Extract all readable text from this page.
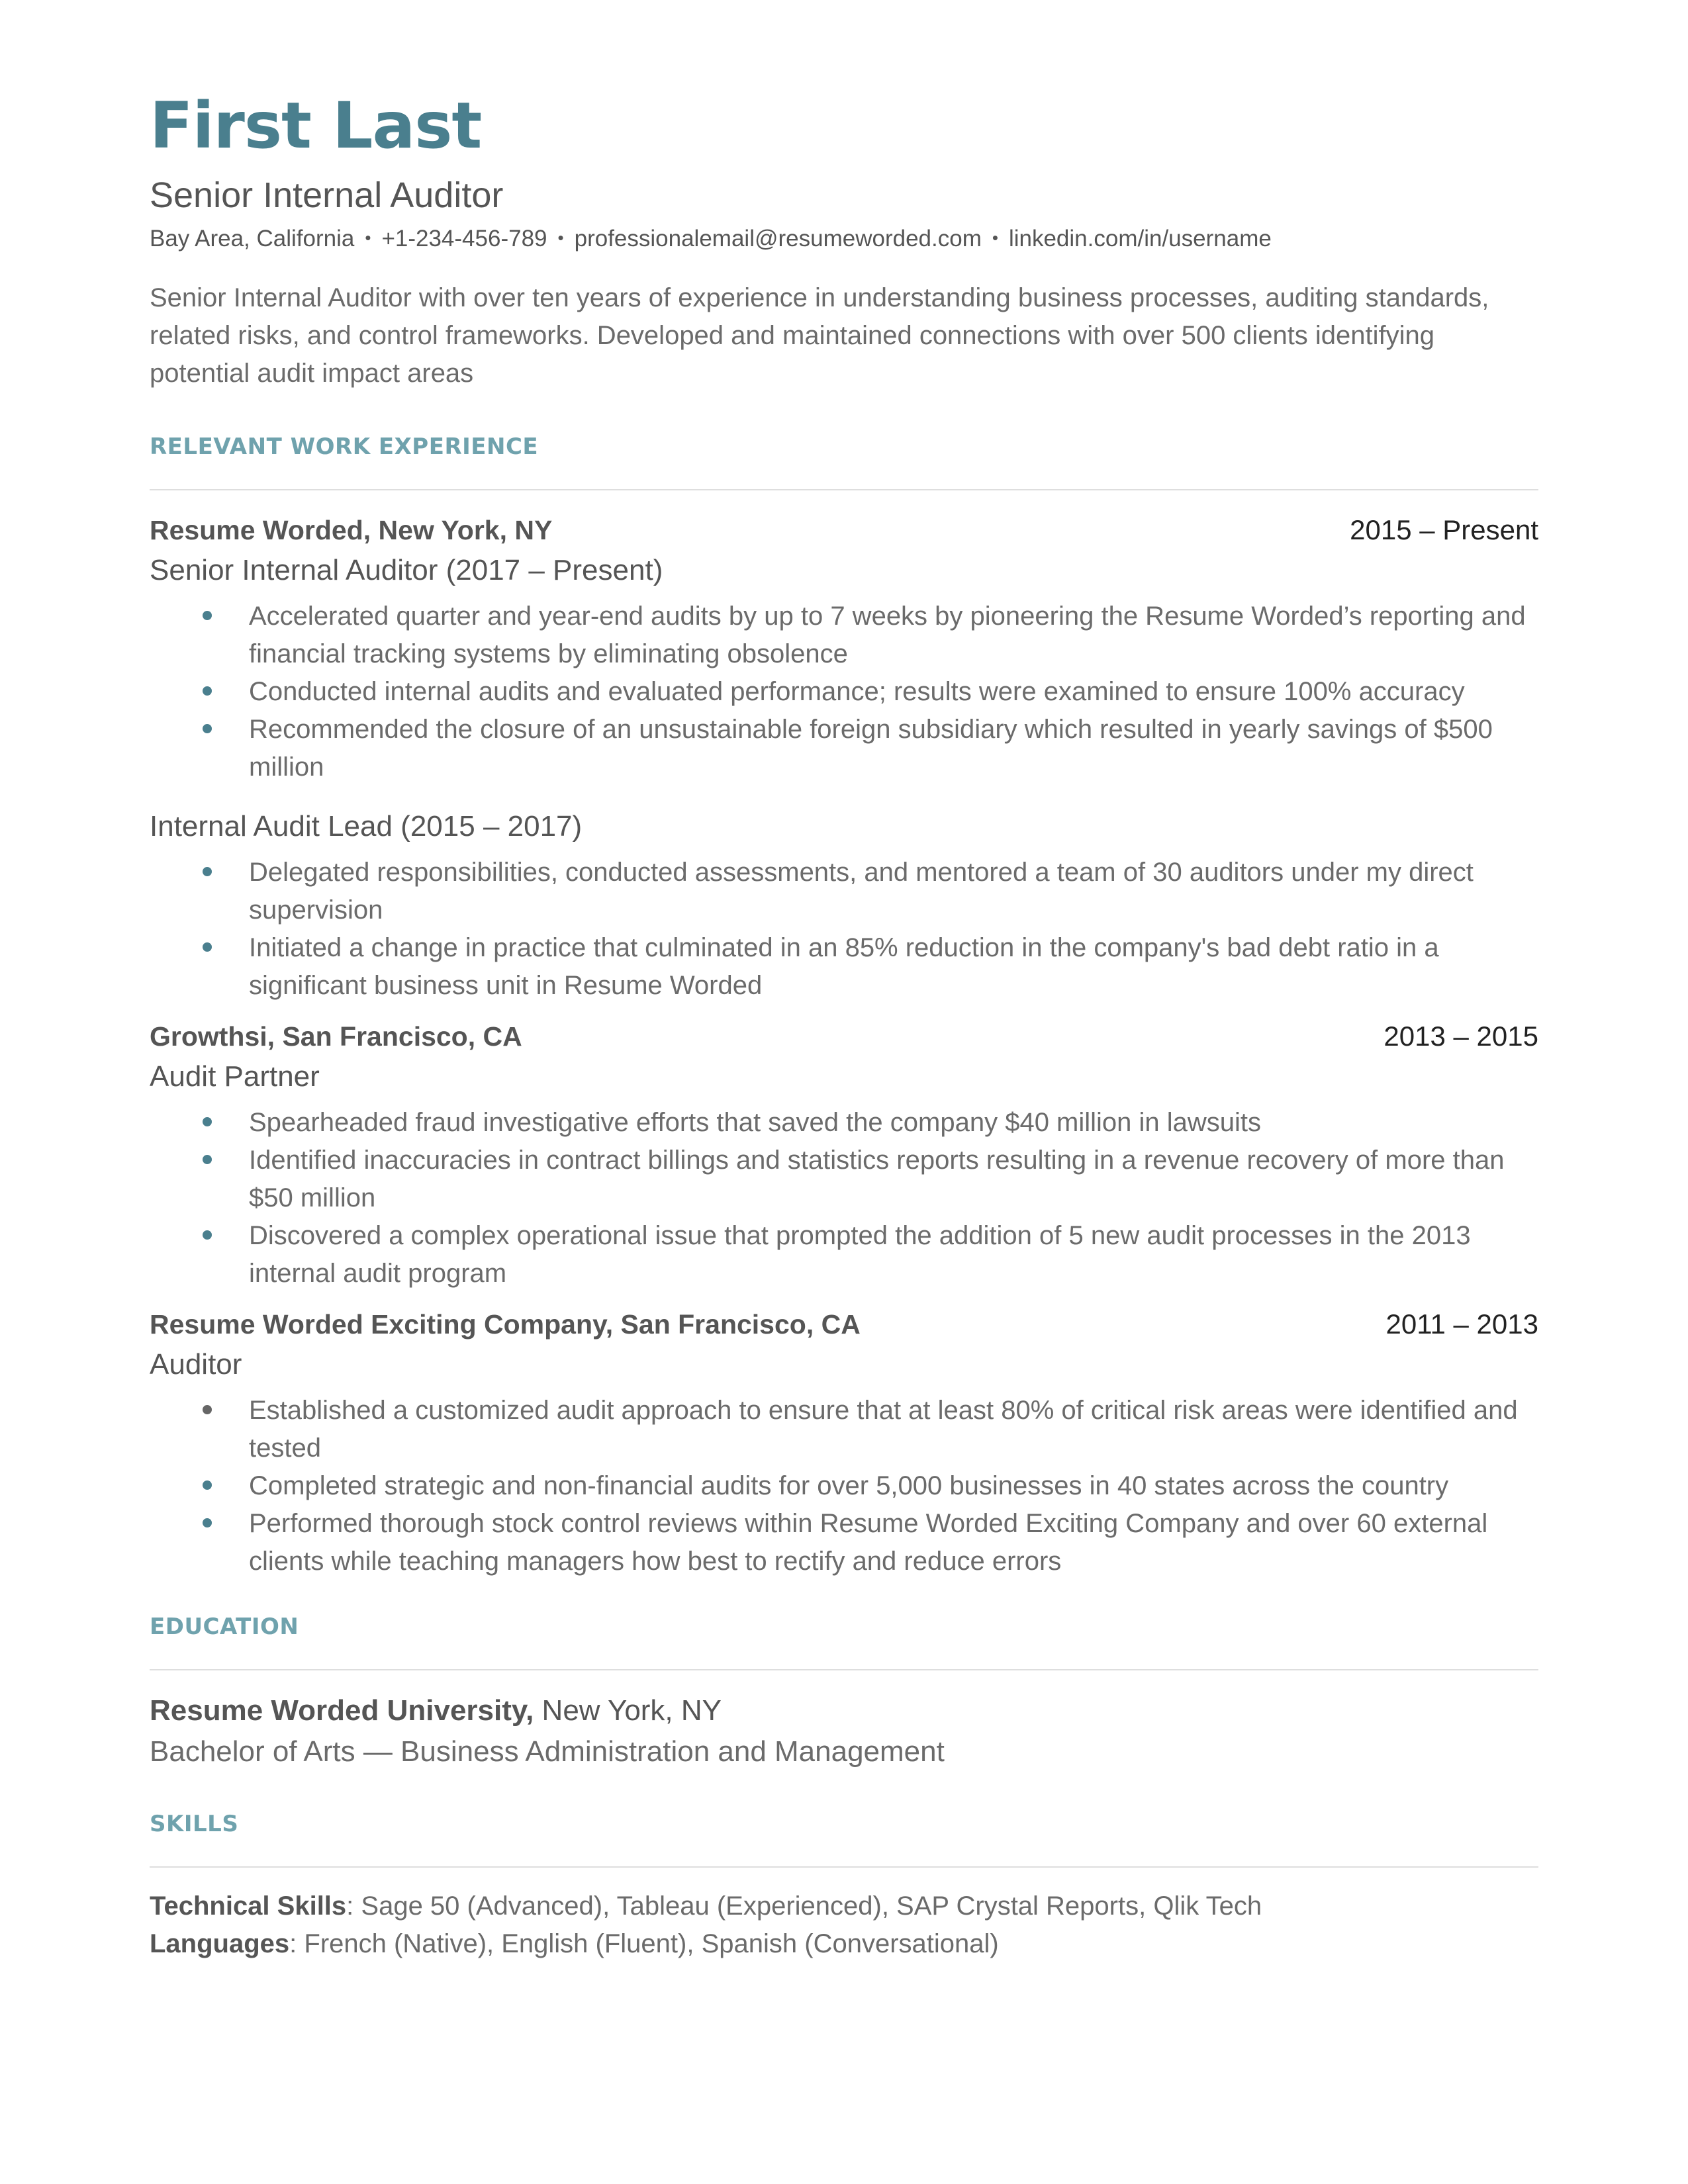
First Last
Senior Internal Auditor
Bay Area, California • +1-234-456-789 • professionalemail@resumeworded.com • linkedin.com/in/username
Senior Internal Auditor with over ten years of experience in understanding business processes, auditing standards, related risks, and control frameworks. Developed and maintained connections with over 500 clients identifying potential audit impact areas
RELEVANT WORK EXPERIENCE
Resume Worded, New York, NY	2015 – Present
Senior Internal Auditor (2017 – Present)
Accelerated quarter and year-end audits by up to 7 weeks by pioneering the Resume Worded’s reporting and financial tracking systems by eliminating obsolence
Conducted internal audits and evaluated performance; results were examined to ensure 100% accuracy
Recommended the closure of an unsustainable foreign subsidiary which resulted in yearly savings of $500 million
Internal Audit Lead (2015 – 2017)
Delegated responsibilities, conducted assessments, and mentored a team of 30 auditors under my direct supervision
Initiated a change in practice that culminated in an 85% reduction in the company's bad debt ratio in a significant business unit in Resume Worded
Growthsi, San Francisco, CA	2013 – 2015
Audit Partner
Spearheaded fraud investigative efforts that saved the company $40 million in lawsuits
Identified inaccuracies in contract billings and statistics reports resulting in a revenue recovery of more than $50 million
Discovered a complex operational issue that prompted the addition of 5 new audit processes in the 2013 internal audit program
Resume Worded Exciting Company, San Francisco, CA	2011 – 2013
Auditor
Established a customized audit approach to ensure that at least 80% of critical risk areas were identified and tested
Completed strategic and non-financial audits for over 5,000 businesses in 40 states across the country
Performed thorough stock control reviews within Resume Worded Exciting Company and over 60 external clients while teaching managers how best to rectify and reduce errors
EDUCATION
Resume Worded University, New York, NY
Bachelor of Arts — Business Administration and Management
SKILLS
Technical Skills: Sage 50 (Advanced), Tableau (Experienced), SAP Crystal Reports, Qlik Tech
Languages: French (Native), English (Fluent), Spanish (Conversational)
